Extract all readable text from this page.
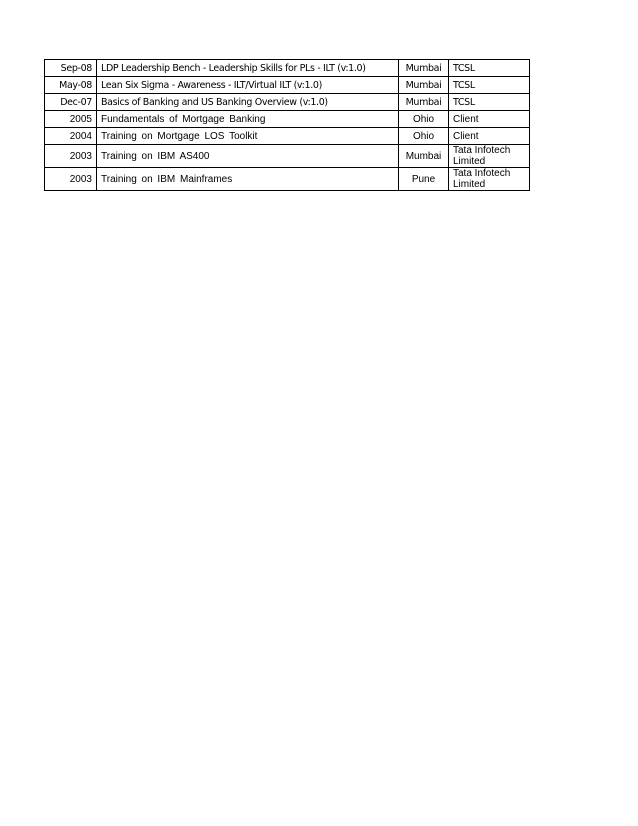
Sep-08	LDP Leadership Bench - Leadership Skills for PLs - ILT (v:1.0)	Mumbai	TCSL
May-08	Lean Six Sigma - Awareness - ILT/Virtual ILT (v:1.0)	Mumbai	TCSL
Dec-07	Basics of Banking and US Banking Overview (v:1.0)	Mumbai	TCSL
2005	Fundamentals of Mortgage Banking	Ohio	Client
2004	Training on Mortgage LOS Toolkit	Ohio	Client
2003	Training on IBM AS400	Mumbai	Tata Infotech Limited
2003	Training on IBM Mainframes	Pune	Tata Infotech Limited
